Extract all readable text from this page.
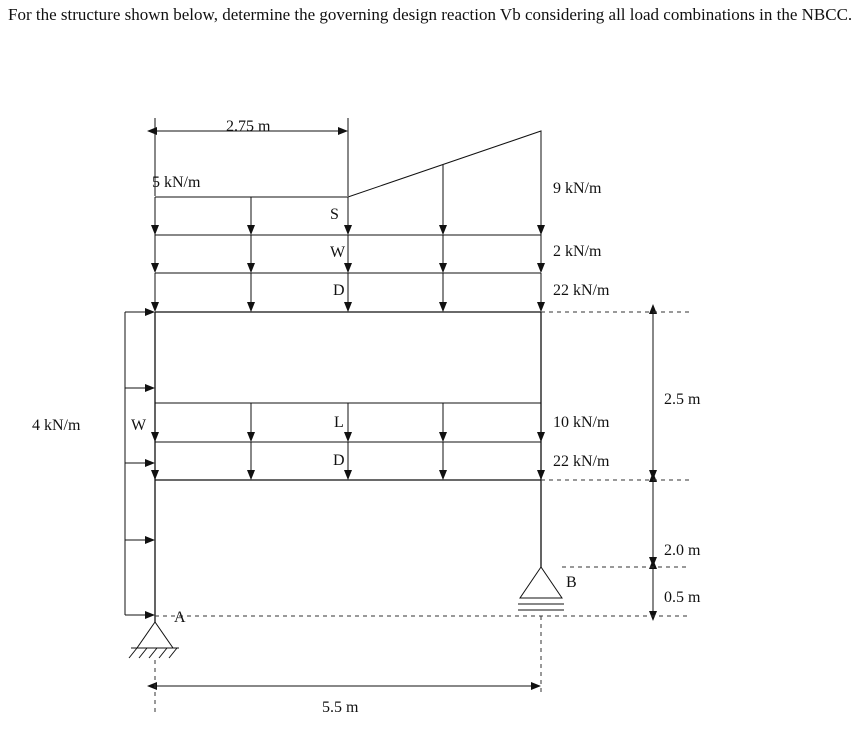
For the structure shown below, determine the governing design reaction Vb considering all load combinations in the NBCC.

5 kN/m	9 kN/m
2 kN/m
22 kN/m
10 kN/m
22 kN/m
4 kN/m
S
W
D
L
D
W
2.75 m
5.5 m
2.5 m
2.0 m
0.5 m
A
B
